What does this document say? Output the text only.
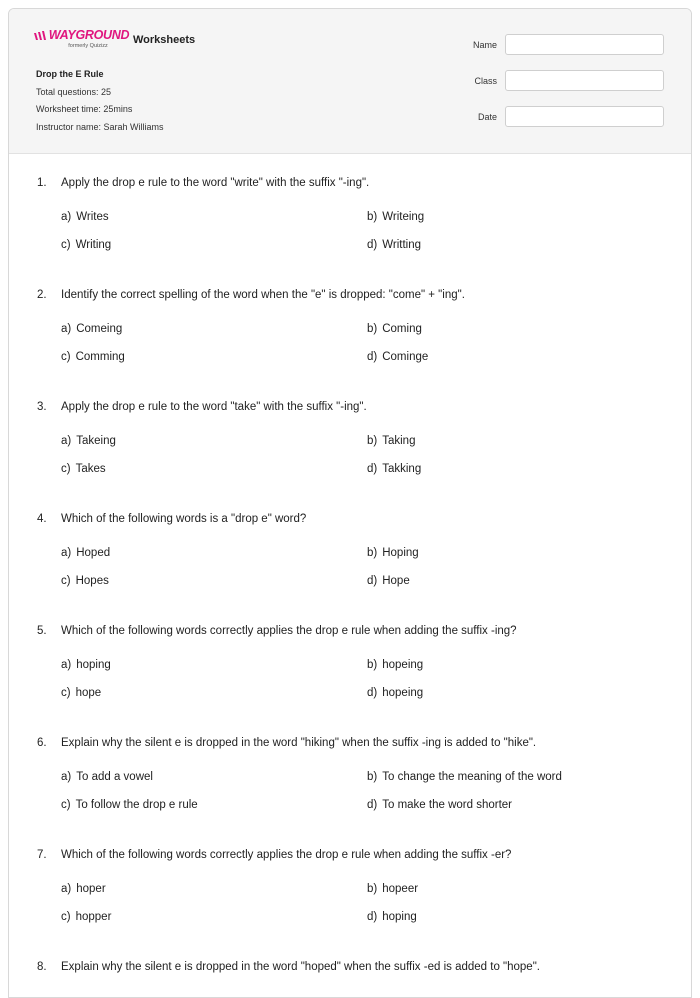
WAYGROUND
formerly Quizizz Worksheets
Drop the E Rule
Total questions: 25
Worksheet time: 25mins
Instructor name: Sarah Williams
Name
Class
Date
1. Apply the drop e rule to the word "write" with the suffix "-ing".
a) Writes	b) Writeing
c) Writing	d) Writting
2. Identify the correct spelling of the word when the "e" is dropped: "come" + "ing".
a) Comeing	b) Coming
c) Comming	d) Cominge
3. Apply the drop e rule to the word "take" with the suffix "-ing".
a) Takeing	b) Taking
c) Takes	d) Takking
4. Which of the following words is a "drop e" word?
a) Hoped	b) Hoping
c) Hopes	d) Hope
5. Which of the following words correctly applies the drop e rule when adding the suffix -ing?
a) hoping	b) hopeing
c) hope	d) hopeing
6. Explain why the silent e is dropped in the word "hiking" when the suffix -ing is added to "hike".
a) To add a vowel	b) To change the meaning of the word
c) To follow the drop e rule	d) To make the word shorter
7. Which of the following words correctly applies the drop e rule when adding the suffix -er?
a) hoper	b) hopeer
c) hopper	d) hoping
8. Explain why the silent e is dropped in the word "hoped" when the suffix -ed is added to "hope".
